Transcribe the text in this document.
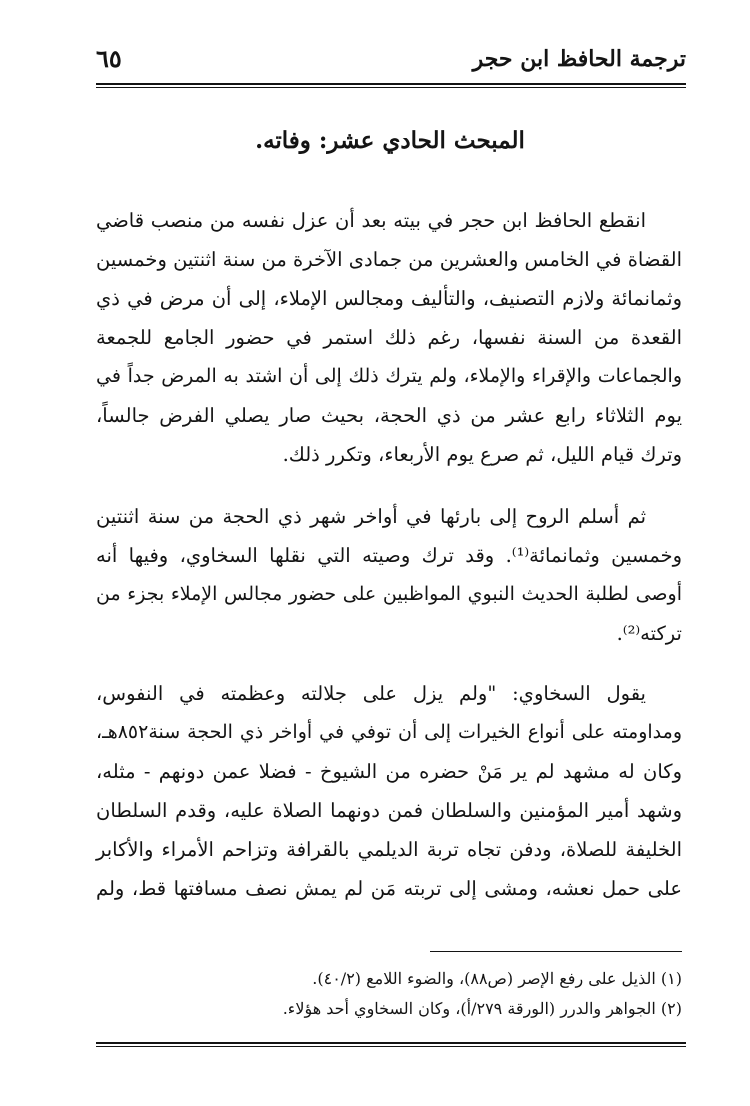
ترجمة الحافظ ابن حجر
٦٥
المبحث الحادي عشر: وفاته.

انقطع الحافظ ابن حجر في بيته بعد أن عزل نفسه من منصب قاضي
القضاة في الخامس والعشرين من جمادى الآخرة من سنة اثنتين وخمسين
وثمانمائة ولازم التصنيف، والتأليف ومجالس الإملاء، إلى أن مرض في ذي
القعدة من السنة نفسها، رغم ذلك استمر في حضور الجامع للجمعة
والجماعات والإقراء والإملاء، ولم يترك ذلك إلى أن اشتد به المرض جداً في
يوم الثلاثاء رابع عشر من ذي الحجة، بحيث صار يصلي الفرض جالساً،
وترك قيام الليل، ثم صرع يوم الأربعاء، وتكرر ذلك.

ثم أسلم الروح إلى بارئها في أواخر شهر ذي الحجة من سنة اثنتين
وخمسين وثمانمائة⁽¹⁾. وقد ترك وصيته التي نقلها السخاوي، وفيها أنه
أوصى لطلبة الحديث النبوي المواظبين على حضور مجالس الإملاء بجزء من
تركته⁽²⁾.

يقول السخاوي: "ولم يزل على جلالته وعظمته في النفوس،
ومداومته على أنواع الخيرات إلى أن توفي في أواخر ذي الحجة سنة٨٥٢هـ،
وكان له مشهد لم ير مَنْ حضره من الشيوخ - فضلا عمن دونهم - مثله،
وشهد أمير المؤمنين والسلطان فمن دونهما الصلاة عليه، وقدم السلطان
الخليفة للصلاة، ودفن تجاه تربة الديلمي بالقرافة وتزاحم الأمراء والأكابر
على حمل نعشه، ومشى إلى تربته مَن لم يمش نصف مسافتها قط، ولم

(١) الذيل على رفع الإصر (ص٨٨)، والضوء اللامع (٤٠/٢).
(٢) الجواهر والدرر (الورقة ٢٧٩/أ)، وكان السخاوي أحد هؤلاء.
